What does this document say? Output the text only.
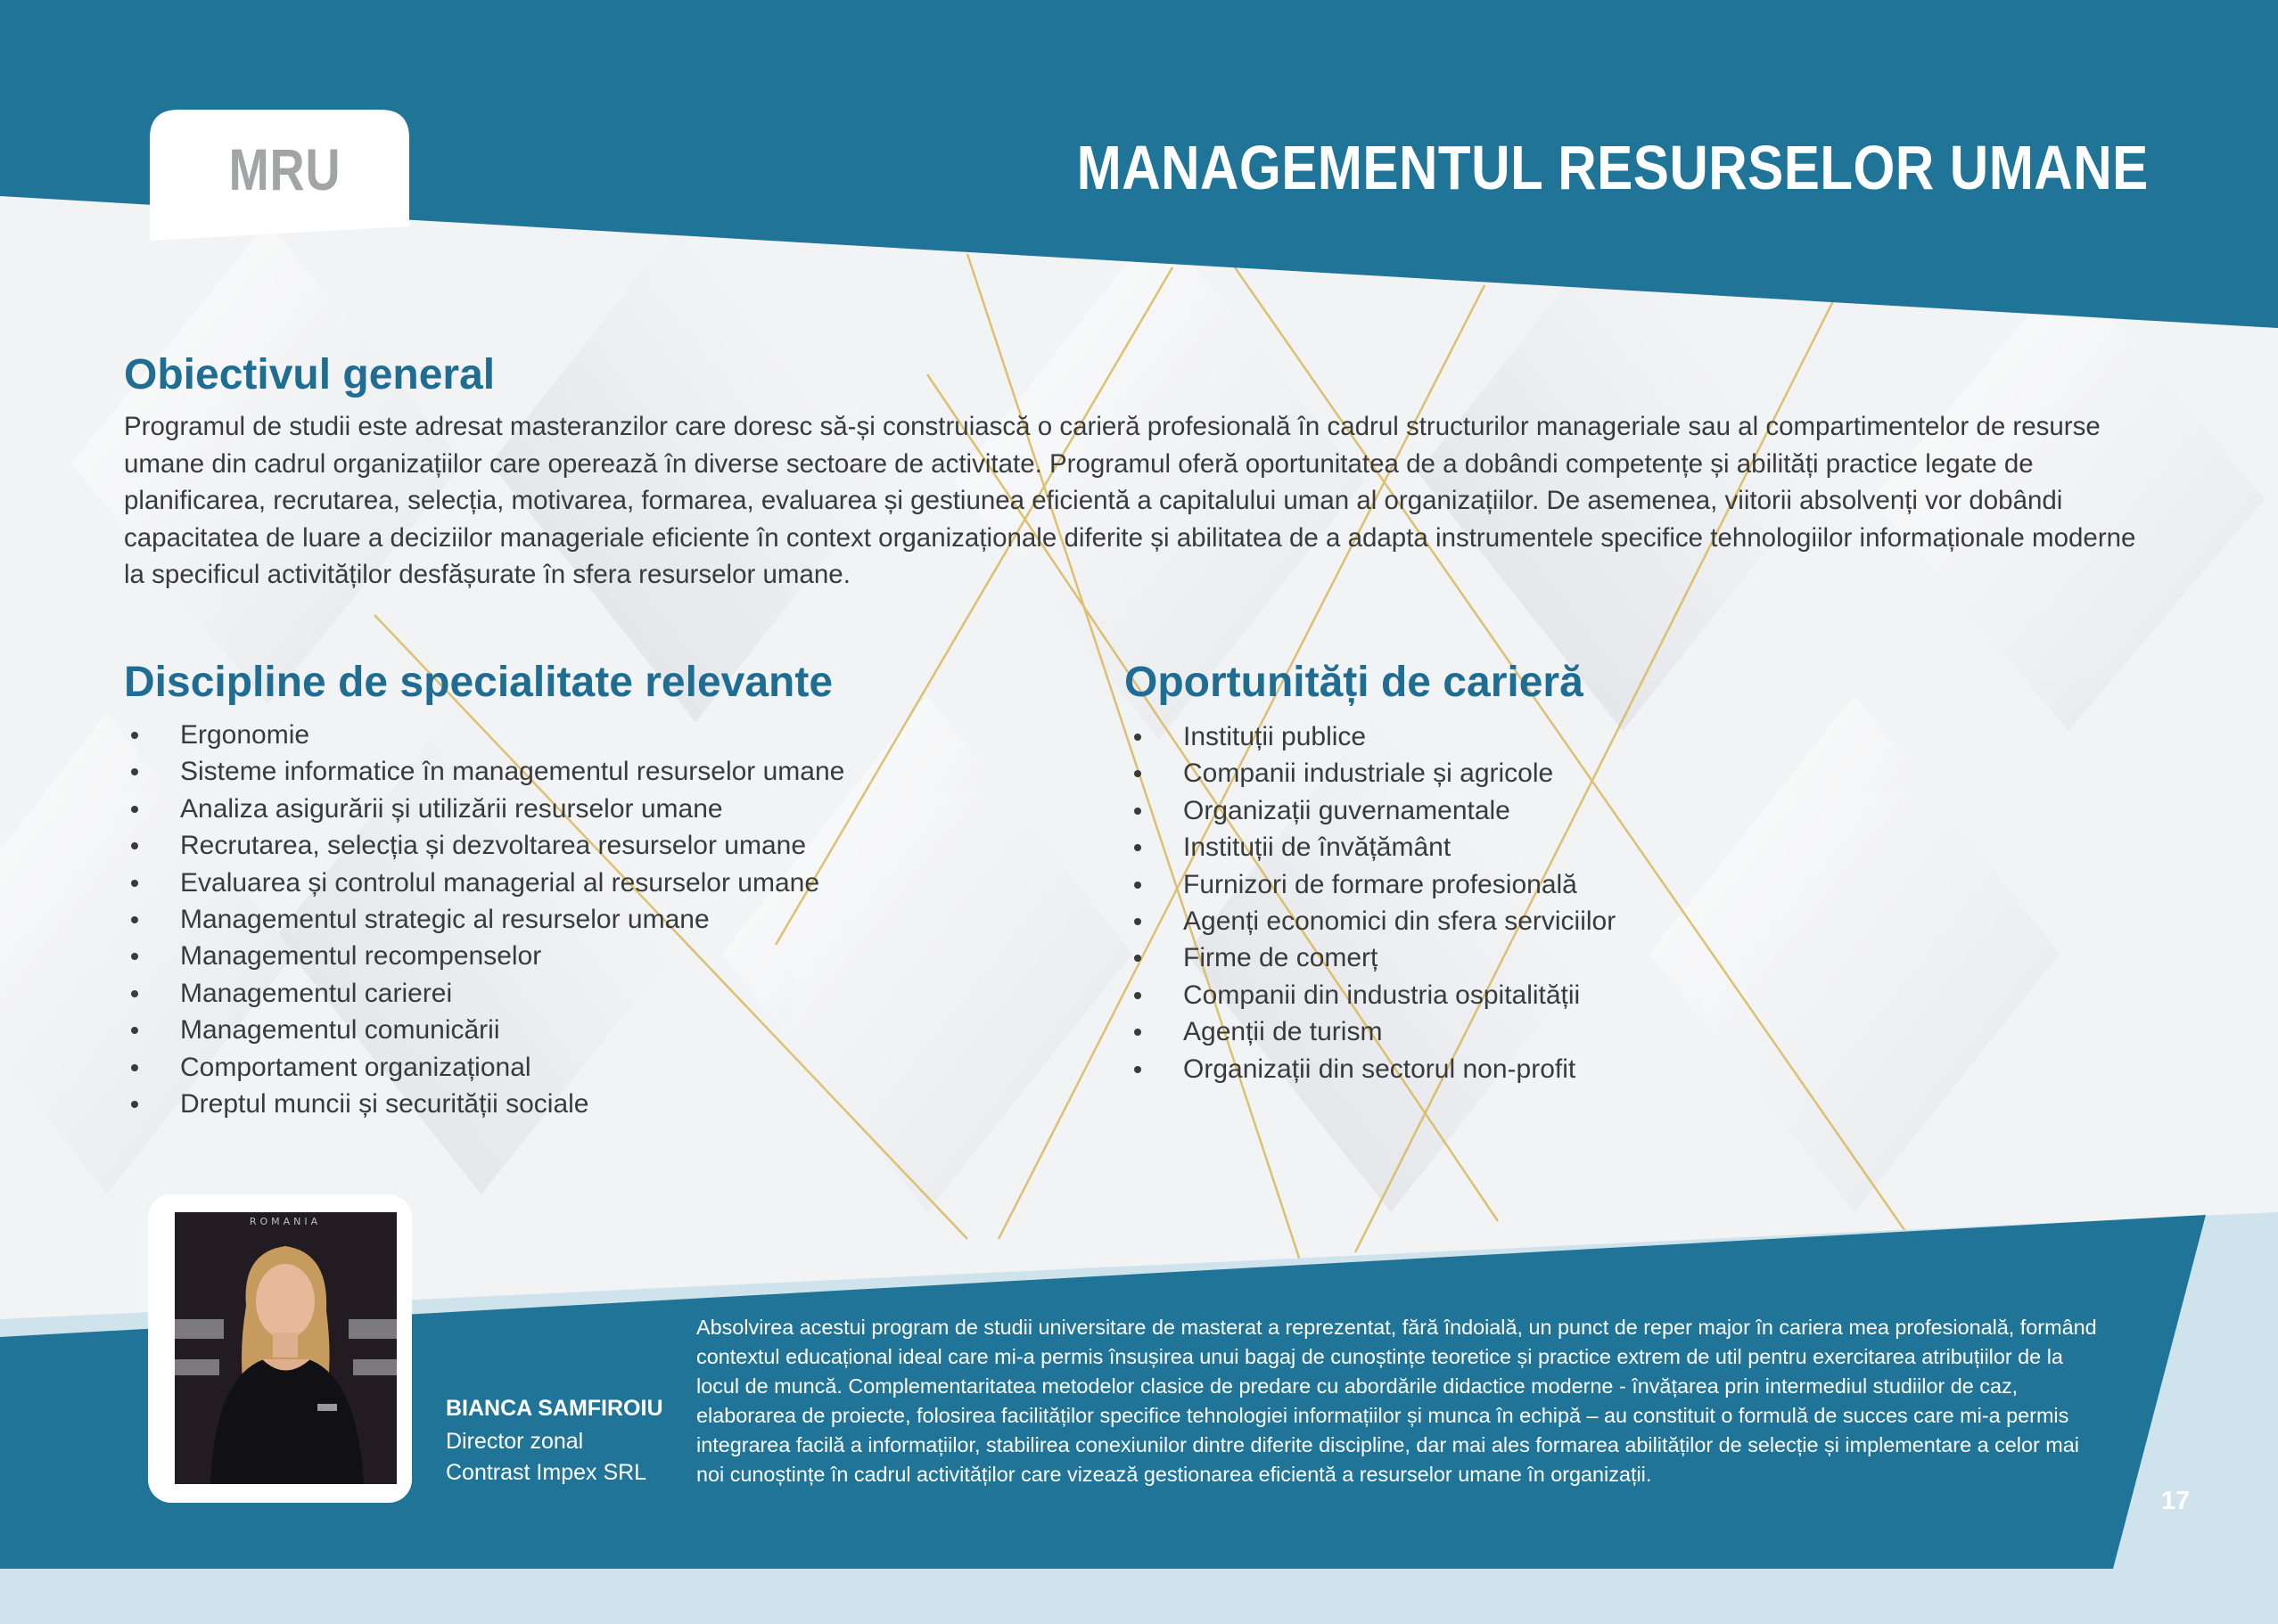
MRU	MANAGEMENTUL RESURSELOR UMANE
Obiectivul general

Programul de studii este adresat masteranzilor care doresc să-și construiască o carieră profesională în cadrul structurilor manageriale sau al compartimentelor de resurse umane din cadrul organizațiilor care operează în diverse sectoare de activitate. Programul oferă oportunitatea de a dobândi competențe și abilități practice legate de planificarea, recrutarea, selecția, motivarea, formarea, evaluarea și gestiunea eficientă a capitalului uman al organizațiilor. De asemenea, viitorii absolvenți vor dobândi capacitatea de luare a deciziilor manageriale eficiente în context organizaționale diferite și abilitatea de a adapta instrumentele specifice tehnologiilor informaționale moderne la specificul activităților desfășurate în sfera resurselor umane.

Discipline de specialitate relevante
Ergonomie
Sisteme informatice în managementul resurselor umane
Analiza asigurării și utilizării resurselor umane
Recrutarea, selecția și dezvoltarea resurselor umane
Evaluarea și controlul managerial al resurselor umane
Managementul strategic al resurselor umane
Managementul recompenselor
Managementul carierei
Managementul comunicării
Comportament organizațional
Dreptul muncii și securității sociale
Oportunități de carieră
Instituții publice
Companii industriale și agricole
Organizații guvernamentale
Instituții de învățământ
Furnizori de formare profesională
Agenți economici din sfera serviciilor
Firme de comerț
Companii din industria ospitalității
Agenții de turism
Organizații din sectorul non-profit
ROMANIA
BIANCA SAMFIROIU
Director zonal
Contrast Impex SRL

Absolvirea acestui program de studii universitare de masterat a reprezentat, fără îndoială, un punct de reper major în cariera mea profesională, formând contextul educațional ideal care mi-a permis însușirea unui bagaj de cunoștințe teoretice și practice extrem de util pentru exercitarea atribuțiilor de la locul de muncă. Complementaritatea metodelor clasice de predare cu abordările didactice moderne - învățarea prin intermediul studiilor de caz, elaborarea de proiecte, folosirea facilităților specifice tehnologiei informațiilor și munca în echipă – au constituit o formulă de succes care mi-a permis integrarea facilă a informațiilor, stabilirea conexiunilor dintre diferite discipline, dar mai ales formarea abilităților de selecție și implementare a celor mai noi cunoștințe în cadrul activităților care vizează gestionarea eficientă a resurselor umane în organizații.

17
